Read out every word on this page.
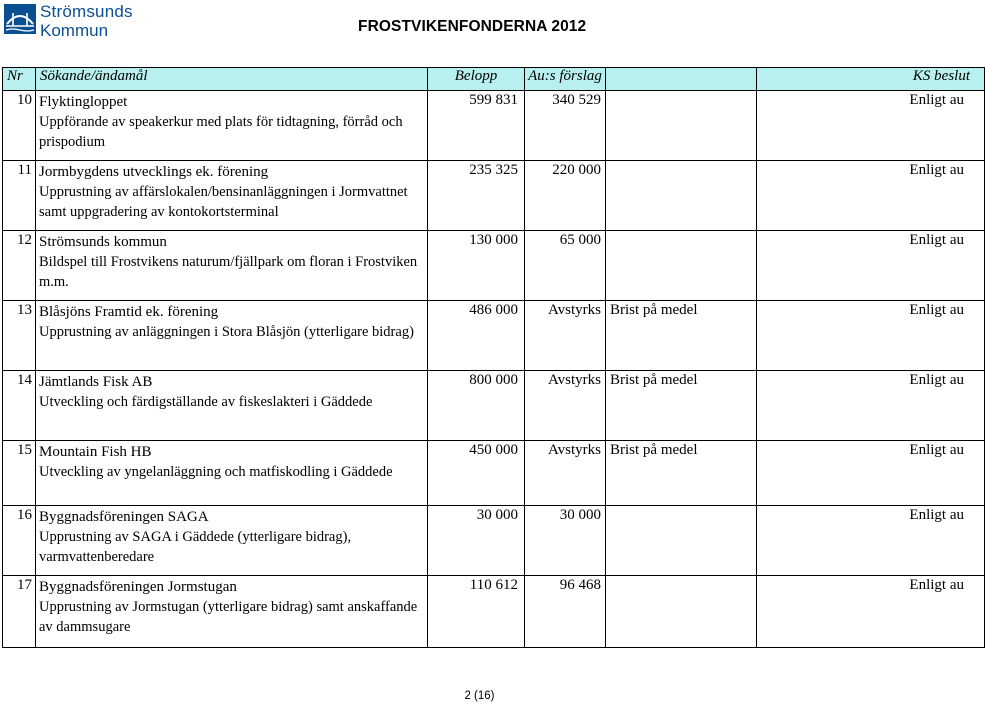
Strömsunds
Kommun	FROSTVIKENFONDERNA 2012
Nr	Sökande/ändamål	Belopp	Au:s förslag		KS beslut
10	Flyktingloppet
Uppförande av speakerkur med plats för tidtagning, förråd och prispodium	599 831	340 529		Enligt au
11	Jormbygdens utvecklings ek. förening
Upprustning av affärslokalen/bensinanläggningen i Jormvattnet samt uppgradering av kontokortsterminal	235 325	220 000		Enligt au
12	Strömsunds kommun
Bildspel till Frostvikens naturum/fjällpark om floran i Frostviken m.m.	130 000	65 000		Enligt au
13	Blåsjöns Framtid ek. förening
Upprustning av anläggningen i Stora Blåsjön (ytterligare bidrag)	486 000	Avstyrks	Brist på medel	Enligt au
14	Jämtlands Fisk AB
Utveckling och färdigställande av fiskeslakteri i Gäddede	800 000	Avstyrks	Brist på medel	Enligt au
15	Mountain Fish HB
Utveckling av yngelanläggning och matfiskodling i Gäddede	450 000	Avstyrks	Brist på medel	Enligt au
16	Byggnadsföreningen SAGA
Upprustning av SAGA i Gäddede (ytterligare bidrag), varmvattenberedare	30 000	30 000		Enligt au
17	Byggnadsföreningen Jormstugan
Upprustning av Jormstugan (ytterligare bidrag) samt anskaffande av dammsugare	110 612	96 468		Enligt au
2 (16)
